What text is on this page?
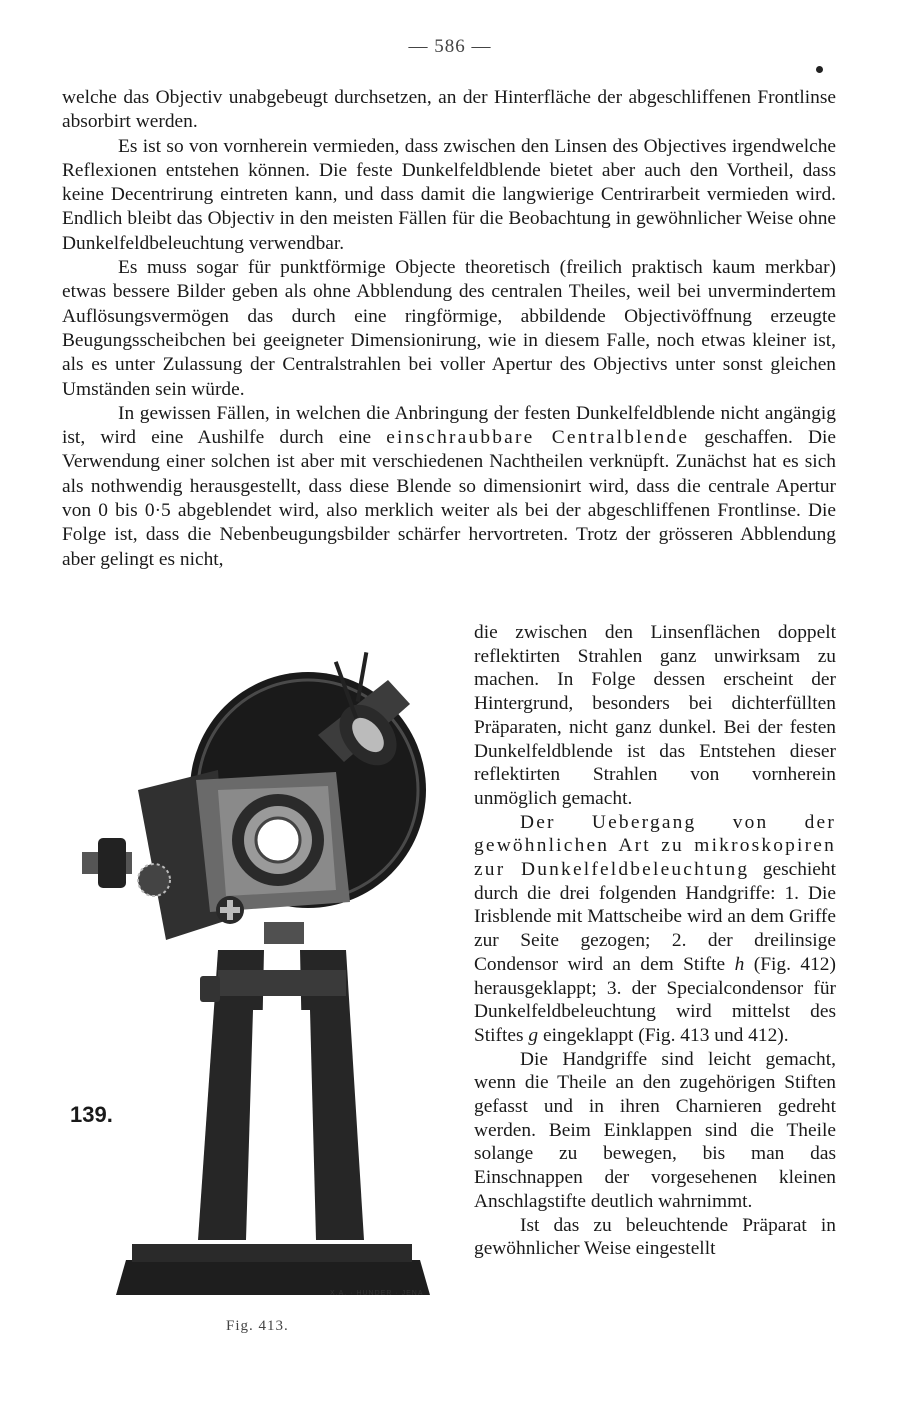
— 586 —

welche das Objectiv unabgebeugt durchsetzen, an der Hinterfläche der abgeschliffenen Frontlinse absorbirt werden.

Es ist so von vornherein vermieden, dass zwischen den Linsen des Objectives irgendwelche Reflexionen entstehen können. Die feste Dunkelfeldblende bietet aber auch den Vortheil, dass keine Decentrirung eintreten kann, und dass damit die langwierige Centrirarbeit vermieden wird. Endlich bleibt das Objectiv in den meisten Fällen für die Beobachtung in gewöhnlicher Weise ohne Dunkelfeldbeleuchtung verwendbar.

Es muss sogar für punktförmige Objecte theoretisch (freilich praktisch kaum merkbar) etwas bessere Bilder geben als ohne Abblendung des centralen Theiles, weil bei unvermindertem Auflösungsvermögen das durch eine ringförmige, abbildende Objectivöffnung erzeugte Beugungsscheibchen bei geeigneter Dimensionirung, wie in diesem Falle, noch etwas kleiner ist, als es unter Zulassung der Centralstrahlen bei voller Apertur des Objectivs unter sonst gleichen Umständen sein würde.

In gewissen Fällen, in welchen die Anbringung der festen Dunkelfeldblende nicht angängig ist, wird eine Aushilfe durch eine einschraubbare Centralblende geschaffen. Die Verwendung einer solchen ist aber mit verschiedenen Nachtheilen verknüpft. Zunächst hat es sich als nothwendig herausgestellt, dass diese Blende so dimensionirt wird, dass die centrale Apertur von 0 bis 0·5 abgeblendet wird, also merklich weiter als bei der abgeschliffenen Frontlinse. Die Folge ist, dass die Nebenbeugungsbilder schärfer hervortreten. Trotz der grösseren Abblendung aber gelingt es nicht,

die zwischen den Linsenflächen doppelt reflektirten Strahlen ganz unwirksam zu machen. In Folge dessen erscheint der Hintergrund, besonders bei dichterfüllten Präparaten, nicht ganz dunkel. Bei der festen Dunkelfeldblende ist das Entstehen dieser reflektirten Strahlen von vornherein unmöglich gemacht.

Der Uebergang von der gewöhnlichen Art zu mikroskopiren zur Dunkelfeldbeleuchtung geschieht durch die drei folgenden Handgriffe: 1. Die Irisblende mit Mattscheibe wird an dem Griffe zur Seite gezogen; 2. der dreilinsige Condensor wird an dem Stifte h (Fig. 412) herausgeklappt; 3. der Specialcondensor für Dunkelfeldbeleuchtung wird mittelst des Stiftes g eingeklappt (Fig. 413 und 412).

Die Handgriffe sind leicht gemacht, wenn die Theile an den zugehörigen Stiften gefasst und in ihren Charnieren gedreht werden. Beim Einklappen sind die Theile solange zu bewegen, bis man das Einschnappen der vorgesehenen kleinen Anschlagstifte deutlich wahrnimmt.

Ist das zu beleuchtende Präparat in gewöhnlicher Weise eingestellt

139.
X.A. · HUNDER · JENA
Fig. 413.
